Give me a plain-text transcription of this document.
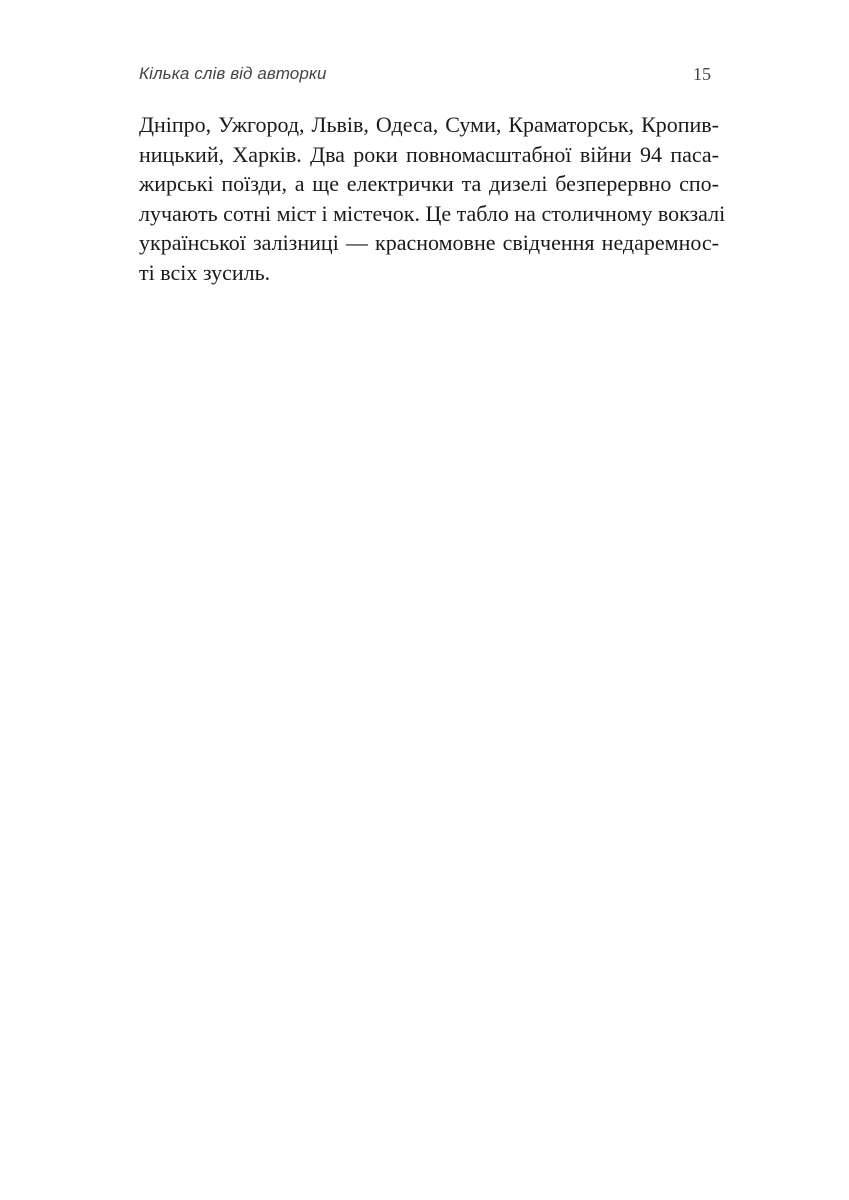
Кілька слів від авторки	15
Дніпро, Ужгород, Львів, Одеса, Суми, Краматорськ, Кропив-
ницький, Харків. Два роки повномасштабної війни 94 паса-
жирські поїзди, а ще електрички та дизелі безперервно спо-
лучають сотні міст і містечок. Це табло на столичному вокзалі
української залізниці — красномовне свідчення недаремнос-
ті всіх зусиль.
